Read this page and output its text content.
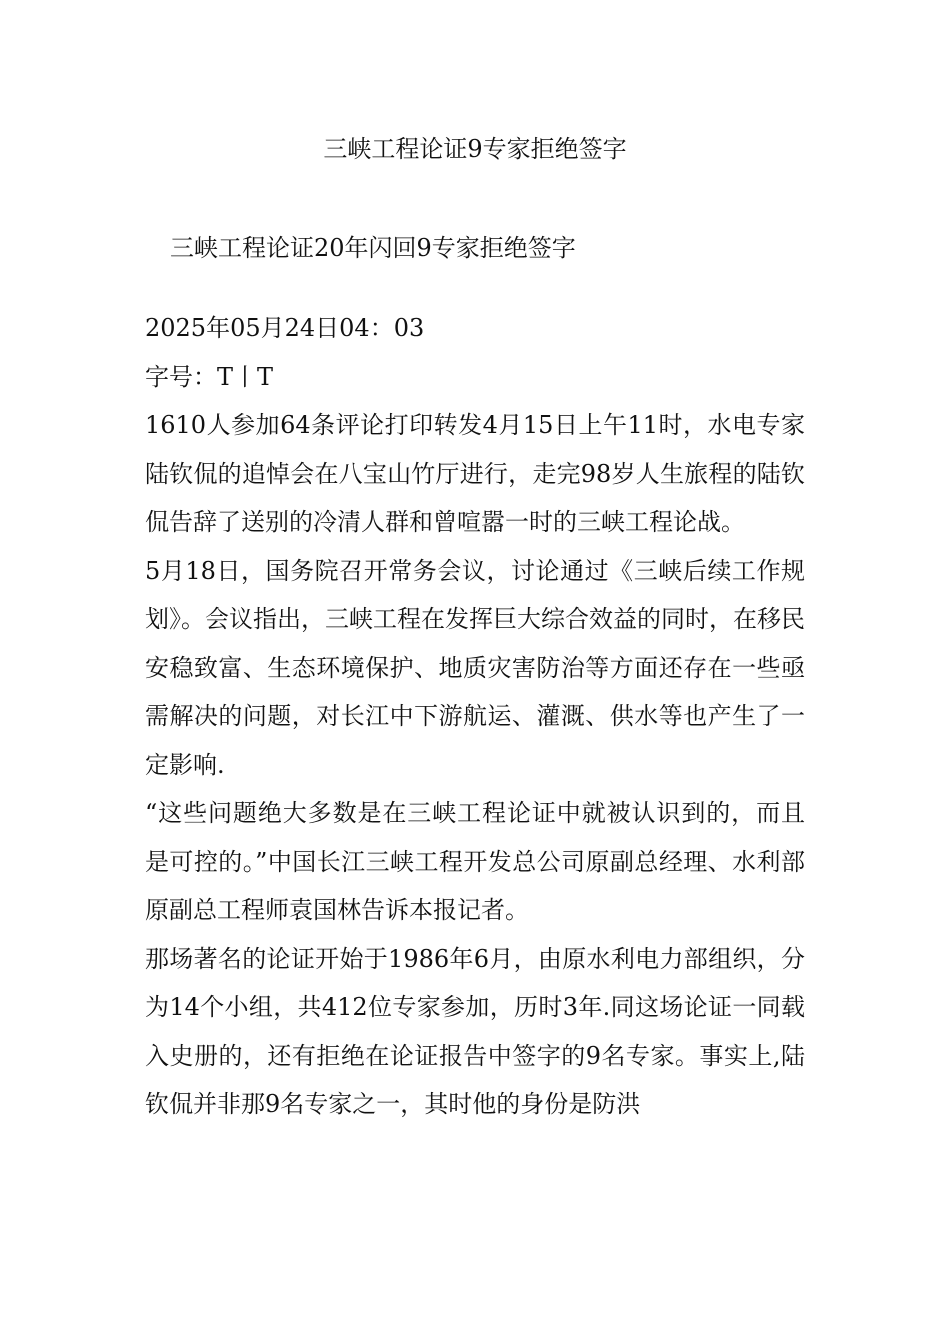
三峡工程论证9专家拒绝签字
三峡工程论证20年闪回9专家拒绝签字

2025年05月24日04：03

字号：T丨T

1610人参加64条评论打印转发4月15日上午11时，水电专家陆钦侃的追悼会在八宝山竹厅进行，走完98岁人生旅程的陆钦侃告辞了送别的冷清人群和曾喧嚣一时的三峡工程论战。

5月18日，国务院召开常务会议，讨论通过《三峡后续工作规划》。会议指出，三峡工程在发挥巨大综合效益的同时，在移民安稳致富、生态环境保护、地质灾害防治等方面还存在一些亟需解决的问题，对长江中下游航运、灌溉、供水等也产生了一定影响.

“这些问题绝大多数是在三峡工程论证中就被认识到的，而且是可控的。”中国长江三峡工程开发总公司原副总经理、水利部原副总工程师袁国林告诉本报记者。

那场著名的论证开始于1986年6月，由原水利电力部组织，分为14个小组，共412位专家参加，历时3年.同这场论证一同载入史册的，还有拒绝在论证报告中签字的9名专家。事实上,陆钦侃并非那9名专家之一，其时他的身份是防洪
